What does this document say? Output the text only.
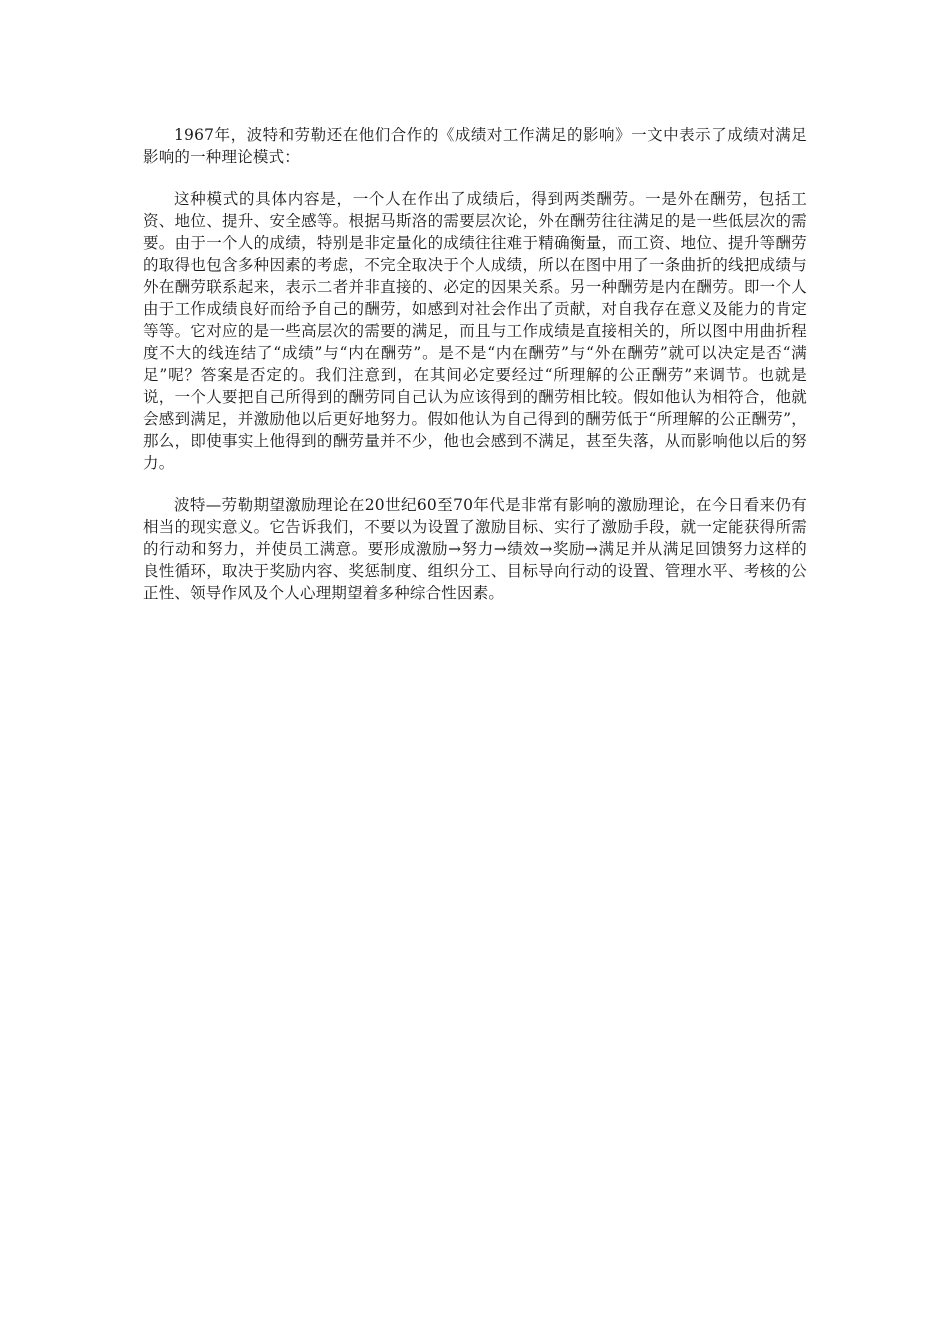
1967年，波特和劳勒还在他们合作的《成绩对工作满足的影响》一文中表示了成绩对满足影响的一种理论模式：

这种模式的具体内容是，一个人在作出了成绩后，得到两类酬劳。一是外在酬劳，包括工资、地位、提升、安全感等。根据马斯洛的需要层次论，外在酬劳往往满足的是一些低层次的需要。由于一个人的成绩，特别是非定量化的成绩往往难于精确衡量，而工资、地位、提升等酬劳的取得也包含多种因素的考虑，不完全取决于个人成绩，所以在图中用了一条曲折的线把成绩与外在酬劳联系起来，表示二者并非直接的、必定的因果关系。另一种酬劳是内在酬劳。即一个人由于工作成绩良好而给予自己的酬劳，如感到对社会作出了贡献，对自我存在意义及能力的肯定等等。它对应的是一些高层次的需要的满足，而且与工作成绩是直接相关的，所以图中用曲折程度不大的线连结了“成绩”与“内在酬劳”。是不是“内在酬劳”与“外在酬劳”就可以决定是否“满足”呢？答案是否定的。我们注意到，在其间必定要经过“所理解的公正酬劳”来调节。也就是说，一个人要把自己所得到的酬劳同自己认为应该得到的酬劳相比较。假如他认为相符合，他就会感到满足，并激励他以后更好地努力。假如他认为自己得到的酬劳低于“所理解的公正酬劳”，那么，即使事实上他得到的酬劳量并不少，他也会感到不满足，甚至失落，从而影响他以后的努力。

波特—劳勒期望激励理论在20世纪60至70年代是非常有影响的激励理论，在今日看来仍有相当的现实意义。它告诉我们，不要以为设置了激励目标、实行了激励手段，就一定能获得所需的行动和努力，并使员工满意。要形成激励→努力→绩效→奖励→满足并从满足回馈努力这样的良性循环，取决于奖励内容、奖惩制度、组织分工、目标导向行动的设置、管理水平、考核的公正性、领导作风及个人心理期望着多种综合性因素。
